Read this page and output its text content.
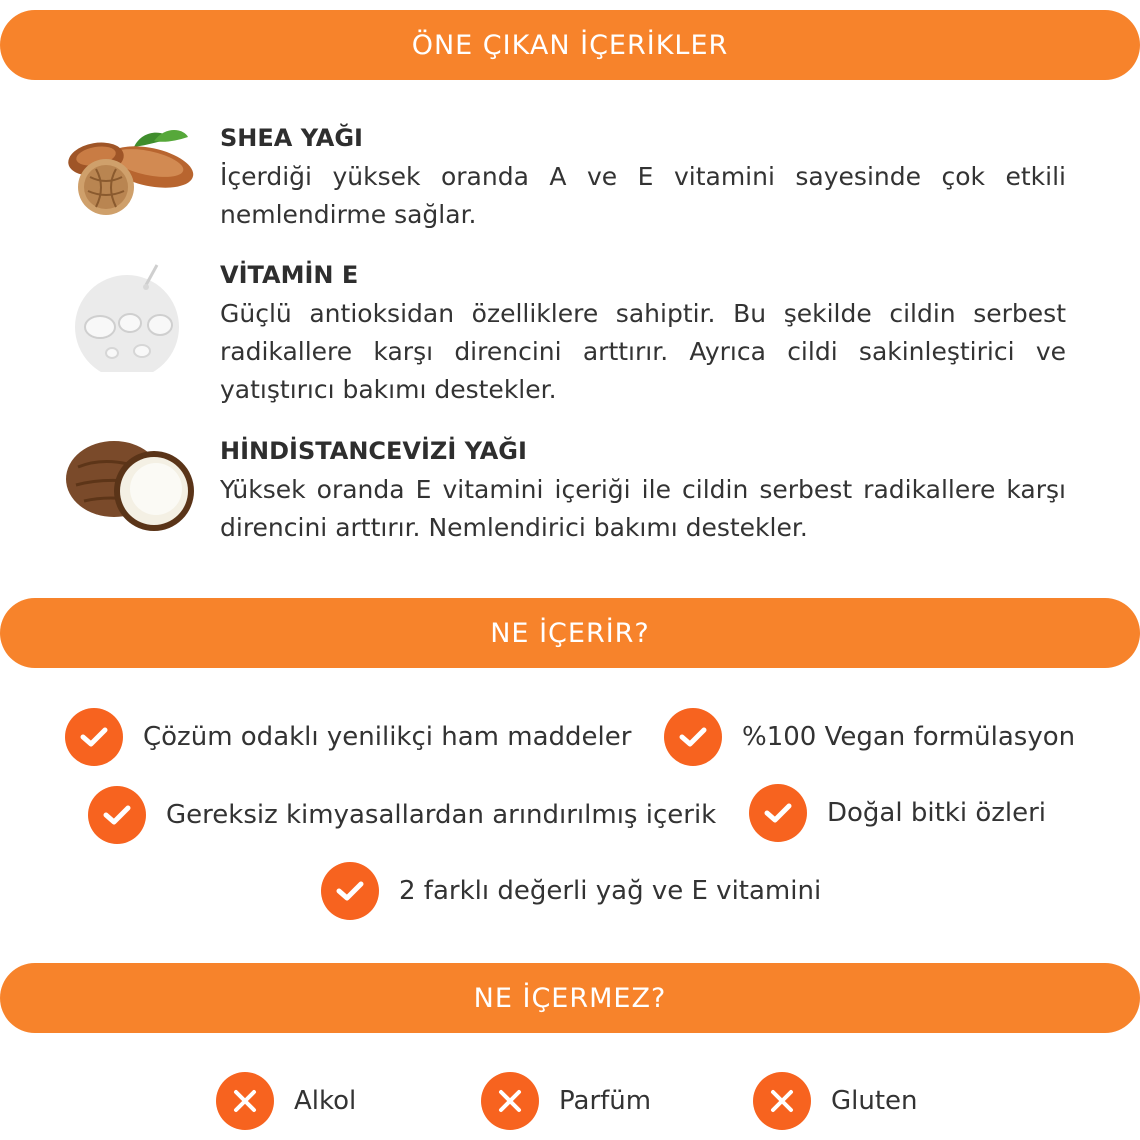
ÖNE ÇIKAN İÇERİKLER
SHEA YAĞI
İçerdiği yüksek oranda A ve E vitamini sayesinde çok etkili nemlendirme sağlar.
VİTAMİN E
Güçlü antioksidan özelliklere sahiptir. Bu şekilde cildin serbest radikallere karşı direncini arttırır. Ayrıca cildi sakinleştirici ve yatıştırıcı bakımı destekler.
HİNDİSTANCEVİZİ YAĞI
Yüksek oranda E vitamini içeriği ile cildin serbest radikallere karşı direncini arttırır. Nemlendirici bakımı destekler.
NE İÇERİR?
Çözüm odaklı yenilikçi ham maddeler	%100 Vegan formülasyon
Gereksiz kimyasallardan arındırılmış içerik	Doğal bitki özleri
2 farklı değerli yağ ve E vitamini
NE İÇERMEZ?
Alkol	Parfüm	Gluten
